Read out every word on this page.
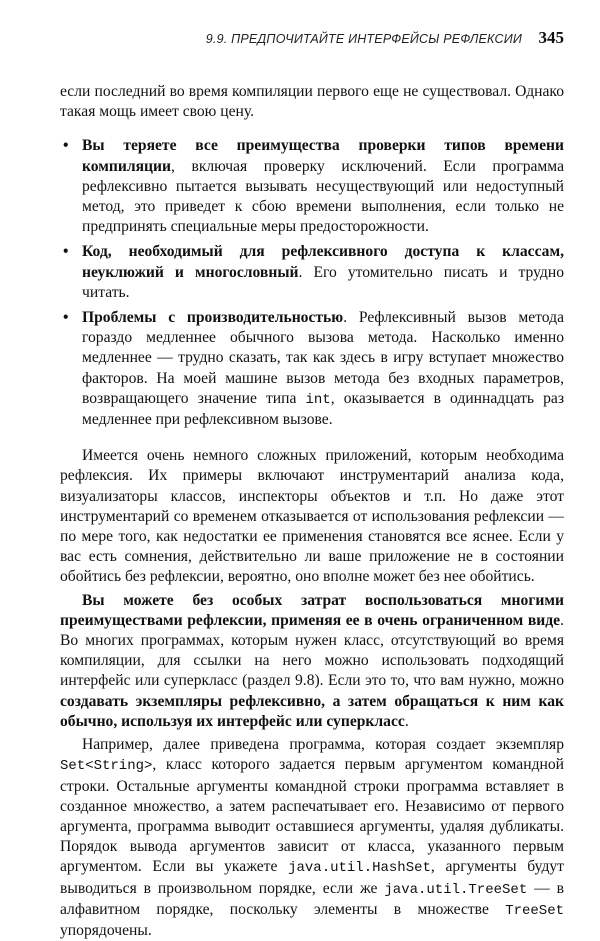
9.9. ПРЕДПОЧИТАЙТЕ ИНТЕРФЕЙСЫ РЕФЛЕКСИИ 345

если последний во время компиляции первого еще не существовал. Однако такая мощь имеет свою цену.

• Вы теряете все преимущества проверки типов времени компиляции, включая проверку исключений. Если программа рефлексивно пытается вызывать несуществующий или недоступный метод, это приведет к сбою времени выполнения, если только не предпринять специальные меры предосторожности.
• Код, необходимый для рефлексивного доступа к классам, неуклюжий и многословный. Его утомительно писать и трудно читать.
• Проблемы с производительностью. Рефлексивный вызов метода гораздо медленнее обычного вызова метода. Насколько именно медленнее — трудно сказать, так как здесь в игру вступает множество факторов. На моей машине вызов метода без входных параметров, возвращающего значение типа int, оказывается в одиннадцать раз медленнее при рефлексивном вызове.

Имеется очень немного сложных приложений, которым необходима рефлексия. Их примеры включают инструментарий анализа кода, визуализаторы классов, инспекторы объектов и т.п. Но даже этот инструментарий со временем отказывается от использования рефлексии — по мере того, как недостатки ее применения становятся все яснее. Если у вас есть сомнения, действительно ли ваше приложение не в состоянии обойтись без рефлексии, вероятно, оно вполне может без нее обойтись.

Вы можете без особых затрат воспользоваться многими преимуществами рефлексии, применяя ее в очень ограниченном виде. Во многих программах, которым нужен класс, отсутствующий во время компиляции, для ссылки на него можно использовать подходящий интерфейс или суперкласс (раздел 9.8). Если это то, что вам нужно, можно создавать экземпляры рефлексивно, а затем обращаться к ним как обычно, используя их интерфейс или суперкласс.

Например, далее приведена программа, которая создает экземпляр Set<String>, класс которого задается первым аргументом командной строки. Остальные аргументы командной строки программа вставляет в созданное множество, а затем распечатывает его. Независимо от первого аргумента, программа выводит оставшиеся аргументы, удаляя дубликаты. Порядок вывода аргументов зависит от класса, указанного первым аргументом. Если вы укажете java.util.HashSet, аргументы будут выводиться в произвольном порядке, если же java.util.TreeSet — в алфавитном порядке, поскольку элементы в множестве TreeSet упорядочены.
